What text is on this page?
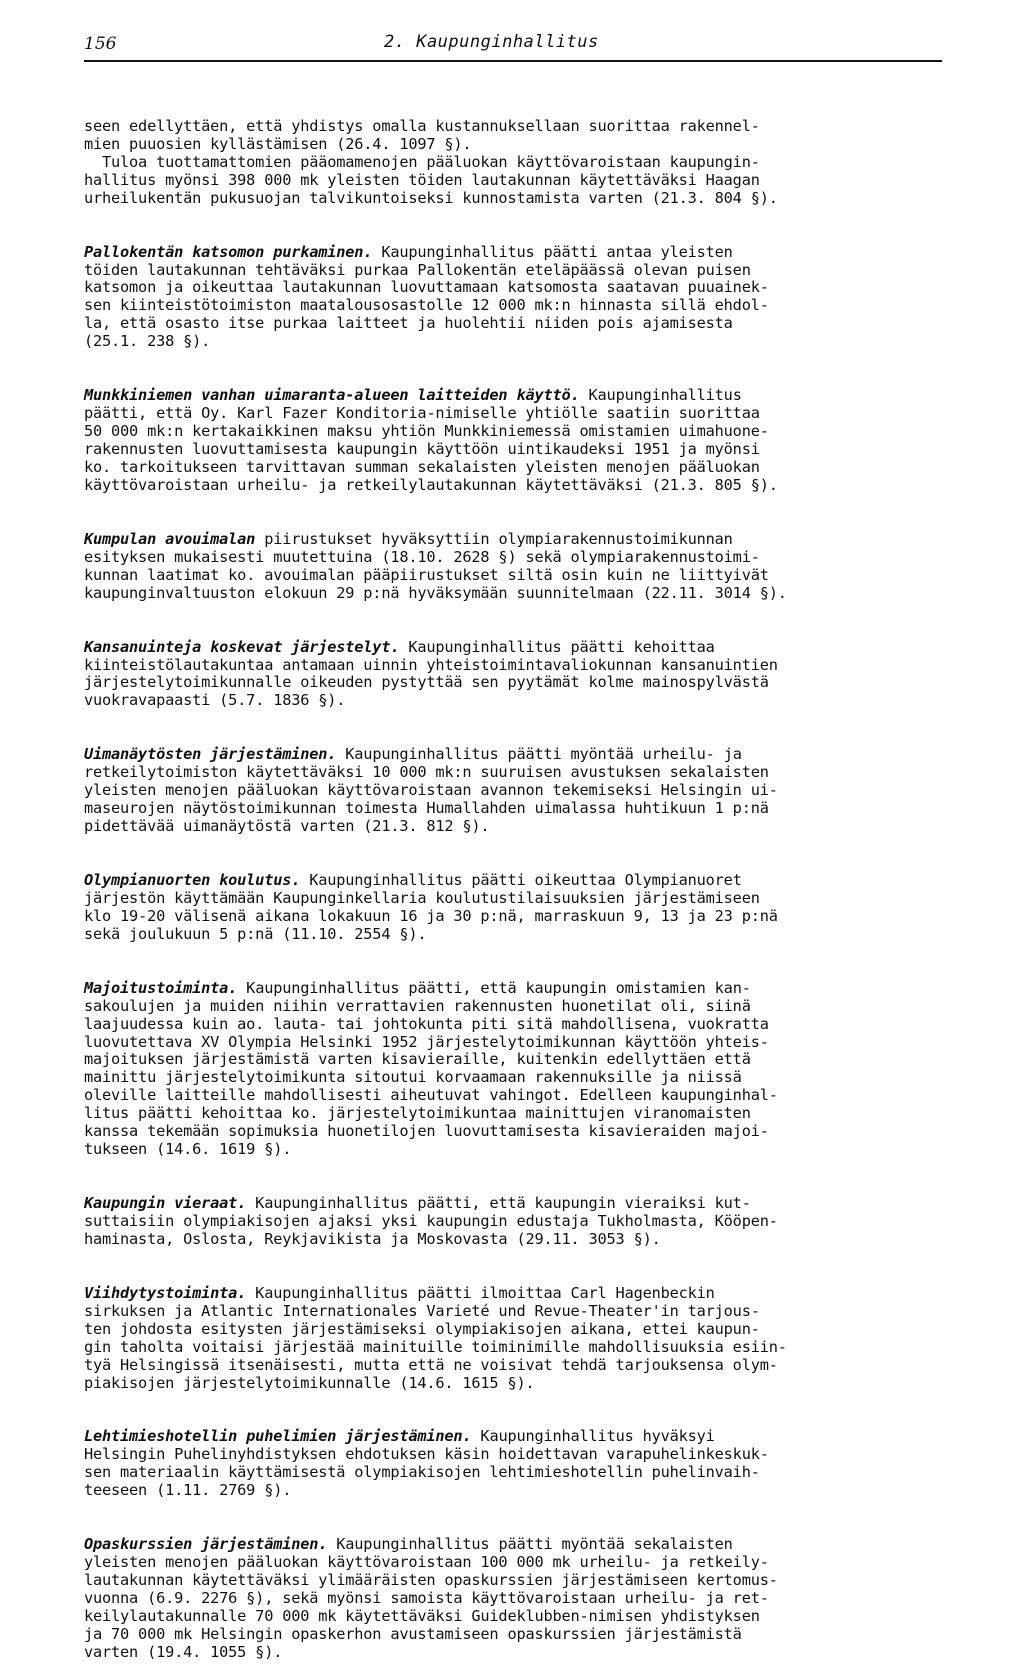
156	2. Kaupunginhallitus

seen edellyttäen, että yhdistys omalla kustannuksellaan suorittaa rakennel-
mien puuosien kyllästämisen (26.4. 1097 §).
Tuloa tuottamattomien pääomamenojen pääluokan käyttövaroistaan kaupungin-
hallitus myönsi 398 000 mk yleisten töiden lautakunnan käytettäväksi Haagan
urheilukentän pukusuojan talvikuntoiseksi kunnostamista varten (21.3. 804 §).

Pallokentän katsomon purkaminen. Kaupunginhallitus päätti antaa yleisten
töiden lautakunnan tehtäväksi purkaa Pallokentän eteläpäässä olevan puisen
katsomon ja oikeuttaa lautakunnan luovuttamaan katsomosta saatavan puuainek-
sen kiinteistötoimiston maatalousosastolle 12 000 mk:n hinnasta sillä ehdol-
la, että osasto itse purkaa laitteet ja huolehtii niiden pois ajamisesta
(25.1. 238 §).

Munkkiniemen vanhan uimaranta-alueen laitteiden käyttö. Kaupunginhallitus
päätti, että Oy. Karl Fazer Konditoria-nimiselle yhtiölle saatiin suorittaa
50 000 mk:n kertakaikkinen maksu yhtiön Munkkiniemessä omistamien uimahuone-
rakennusten luovuttamisesta kaupungin käyttöön uintikaudeksi 1951 ja myönsi
ko. tarkoitukseen tarvittavan summan sekalaisten yleisten menojen pääluokan
käyttövaroistaan urheilu- ja retkeilylautakunnan käytettäväksi (21.3. 805 §).

Kumpulan avouimalan piirustukset hyväksyttiin olympiarakennustoimikunnan
esityksen mukaisesti muutettuina (18.10. 2628 §) sekä olympiarakennustoimi-
kunnan laatimat ko. avouimalan pääpiirustukset siltä osin kuin ne liittyivät
kaupunginvaltuuston elokuun 29 p:nä hyväksymään suunnitelmaan (22.11. 3014 §).

Kansanuinteja koskevat järjestelyt. Kaupunginhallitus päätti kehoittaa
kiinteistölautakuntaa antamaan uinnin yhteistoimintavaliokunnan kansanuintien
järjestelytoimikunnalle oikeuden pystyttää sen pyytämät kolme mainospylvästä
vuokravapaasti (5.7. 1836 §).

Uimanäytösten järjestäminen. Kaupunginhallitus päätti myöntää urheilu- ja
retkeilytoimiston käytettäväksi 10 000 mk:n suuruisen avustuksen sekalaisten
yleisten menojen pääluokan käyttövaroistaan avannon tekemiseksi Helsingin ui-
maseurojen näytöstoimikunnan toimesta Humallahden uimalassa huhtikuun 1 p:nä
pidettävää uimanäytöstä varten (21.3. 812 §).

Olympianuorten koulutus. Kaupunginhallitus päätti oikeuttaa Olympianuoret
järjestön käyttämään Kaupunginkellaria koulutustilaisuuksien järjestämiseen
klo 19-20 välisenä aikana lokakuun 16 ja 30 p:nä, marraskuun 9, 13 ja 23 p:nä
sekä joulukuun 5 p:nä (11.10. 2554 §).

Majoitustoiminta. Kaupunginhallitus päätti, että kaupungin omistamien kan-
sakoulujen ja muiden niihin verrattavien rakennusten huonetilat oli, siinä
laajuudessa kuin ao. lauta- tai johtokunta piti sitä mahdollisena, vuokratta
luovutettava XV Olympia Helsinki 1952 järjestelytoimikunnan käyttöön yhteis-
majoituksen järjestämistä varten kisavieraille, kuitenkin edellyttäen että
mainittu järjestelytoimikunta sitoutui korvaamaan rakennuksille ja niissä
oleville laitteille mahdollisesti aiheutuvat vahingot. Edelleen kaupunginhal-
litus päätti kehoittaa ko. järjestelytoimikuntaa mainittujen viranomaisten
kanssa tekemään sopimuksia huonetilojen luovuttamisesta kisavieraiden majoi-
tukseen (14.6. 1619 §).

Kaupungin vieraat. Kaupunginhallitus päätti, että kaupungin vieraiksi kut-
suttaisiin olympiakisojen ajaksi yksi kaupungin edustaja Tukholmasta, Kööpen-
haminasta, Oslosta, Reykjavikista ja Moskovasta (29.11. 3053 §).

Viihdytystoiminta. Kaupunginhallitus päätti ilmoittaa Carl Hagenbeckin
sirkuksen ja Atlantic Internationales Varieté und Revue-Theater'in tarjous-
ten johdosta esitysten järjestämiseksi olympiakisojen aikana, ettei kaupun-
gin taholta voitaisi järjestää mainituille toiminimille mahdollisuuksia esiin-
tyä Helsingissä itsenäisesti, mutta että ne voisivat tehdä tarjouksensa olym-
piakisojen järjestelytoimikunnalle (14.6. 1615 §).

Lehtimieshotellin puhelimien järjestäminen. Kaupunginhallitus hyväksyi
Helsingin Puhelinyhdistyksen ehdotuksen käsin hoidettavan varapuhelinkeskuk-
sen materiaalin käyttämisestä olympiakisojen lehtimieshotellin puhelinvaih-
teeseen (1.11. 2769 §).

Opaskurssien järjestäminen. Kaupunginhallitus päätti myöntää sekalaisten
yleisten menojen pääluokan käyttövaroistaan 100 000 mk urheilu- ja retkeily-
lautakunnan käytettäväksi ylimääräisten opaskurssien järjestämiseen kertomus-
vuonna (6.9. 2276 §), sekä myönsi samoista käyttövaroistaan urheilu- ja ret-
keilylautakunnalle 70 000 mk käytettäväksi Guideklubben-nimisen yhdistyksen
ja 70 000 mk Helsingin opaskerhon avustamiseen opaskurssien järjestämistä
varten (19.4. 1055 §).
